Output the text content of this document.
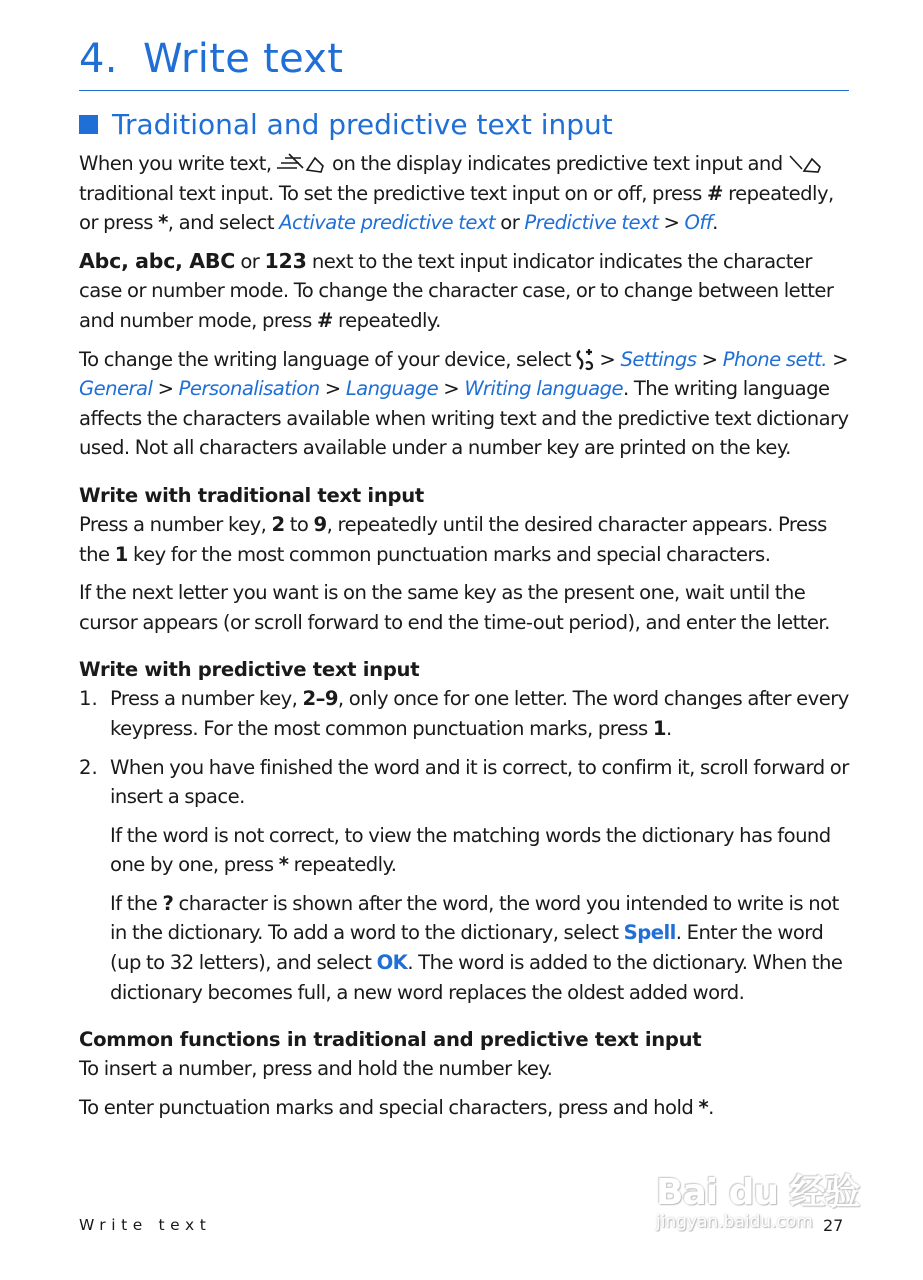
4. Write text
Traditional and predictive text input

When you write text,	on the display indicates predictive text input and  traditional text input. To set the predictive text input on or off, press # repeatedly, or press *, and select Activate predictive text or Predictive text > Off.

Abc, abc, ABC or 123 next to the text input indicator indicates the character case or number mode. To change the character case, or to change between letter and number mode, press # repeatedly.

To change the writing language of your device, select > Settings > Phone sett. > General > Personalisation > Language > Writing language. The writing language affects the characters available when writing text and the predictive text dictionary used. Not all characters available under a number key are printed on the key.

Write with traditional text input

Press a number key, 2 to 9, repeatedly until the desired character appears. Press the 1 key for the most common punctuation marks and special characters.

If the next letter you want is on the same key as the present one, wait until the cursor appears (or scroll forward to end the time-out period), and enter the letter.

Write with predictive text input
1. Press a number key, 2–9, only once for one letter. The word changes after every keypress. For the most common punctuation marks, press 1.

2. When you have finished the word and it is correct, to confirm it, scroll forward or insert a space.

If the word is not correct, to view the matching words the dictionary has found one by one, press * repeatedly.

If the ? character is shown after the word, the word you intended to write is not in the dictionary. To add a word to the dictionary, select Spell. Enter the word (up to 32 letters), and select OK. The word is added to the dictionary. When the dictionary becomes full, a new word replaces the oldest added word.

Common functions in traditional and predictive text input

To insert a number, press and hold the number key.

To enter punctuation marks and special characters, press and hold *.

Bai du 经验
jingyan.baidu.com
Write text	27
